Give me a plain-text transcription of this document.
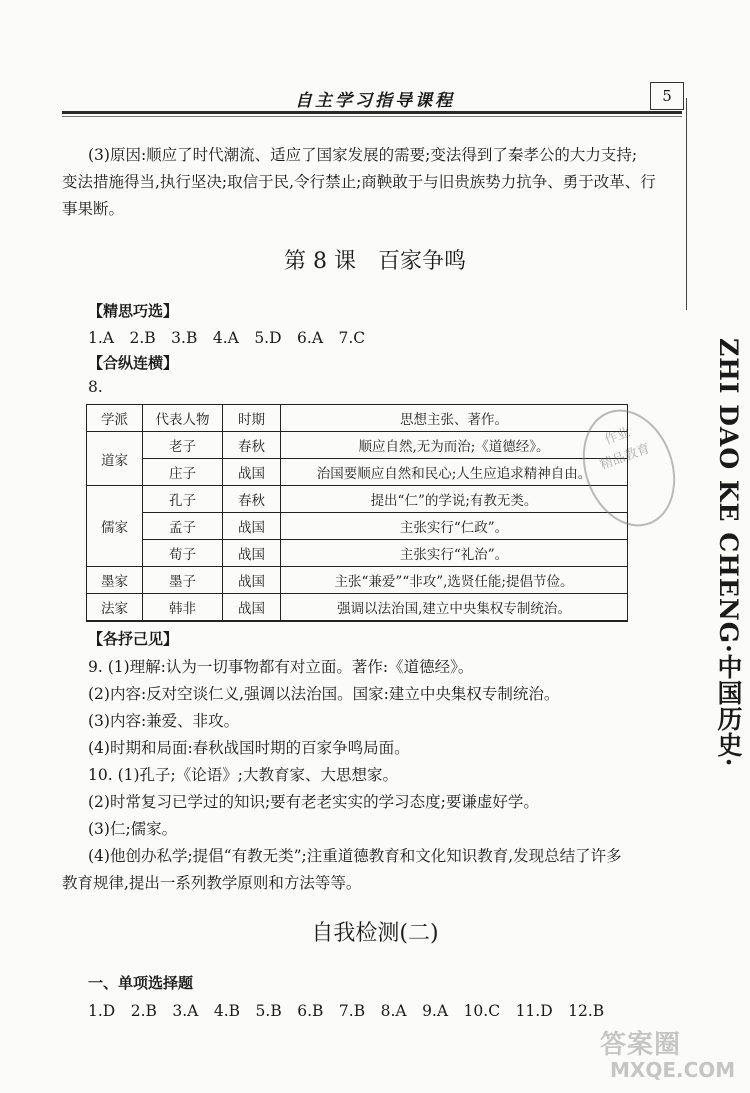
自主学习指导课程	5

(3)原因:顺应了时代潮流、适应了国家发展的需要;变法得到了秦孝公的大力支持;

变法措施得当,执行坚决;取信于民,令行禁止;商鞅敢于与旧贵族势力抗争、勇于改革、行

事果断。

第 8 课　百家争鸣

【精思巧选】

1.A　2.B　3.B　4.A　5.D　6.A　7.C

【合纵连横】

8.

学派	代表人物	时期	思想主张、著作。
道家	老子	春秋	顺应自然,无为而治;《道德经》。
	庄子	战国	治国要顺应自然和民心;人生应追求精神自由。
儒家	孔子	春秋	提出“仁”的学说;有教无类。
	孟子	战国	主张实行“仁政”。
	荀子	战国	主张实行“礼治”。
墨家	墨子	战国	主张“兼爱”“非攻”,选贤任能;提倡节俭。
法家	韩非	战国	强调以法治国,建立中央集权专制统治。
作业
精品教育

【各抒己见】

9. (1)理解:认为一切事物都有对立面。著作:《道德经》。

(2)内容:反对空谈仁义,强调以法治国。国家:建立中央集权专制统治。

(3)内容:兼爱、非攻。

(4)时期和局面:春秋战国时期的百家争鸣局面。

10. (1)孔子;《论语》;大教育家、大思想家。

(2)时常复习已学过的知识;要有老老实实的学习态度;要谦虚好学。

(3)仁;儒家。

(4)他创办私学;提倡“有教无类”;注重道德教育和文化知识教育,发现总结了许多

教育规律,提出一系列教学原则和方法等等。

自我检测(二)

一、单项选择题

1.D　2.B　3.A　4.B　5.B　6.B　7.B　8.A　9.A　10.C　11.D　12.B

ZHI DAO KE CHENG·中国历史·
答案圈
MXQE.COM
